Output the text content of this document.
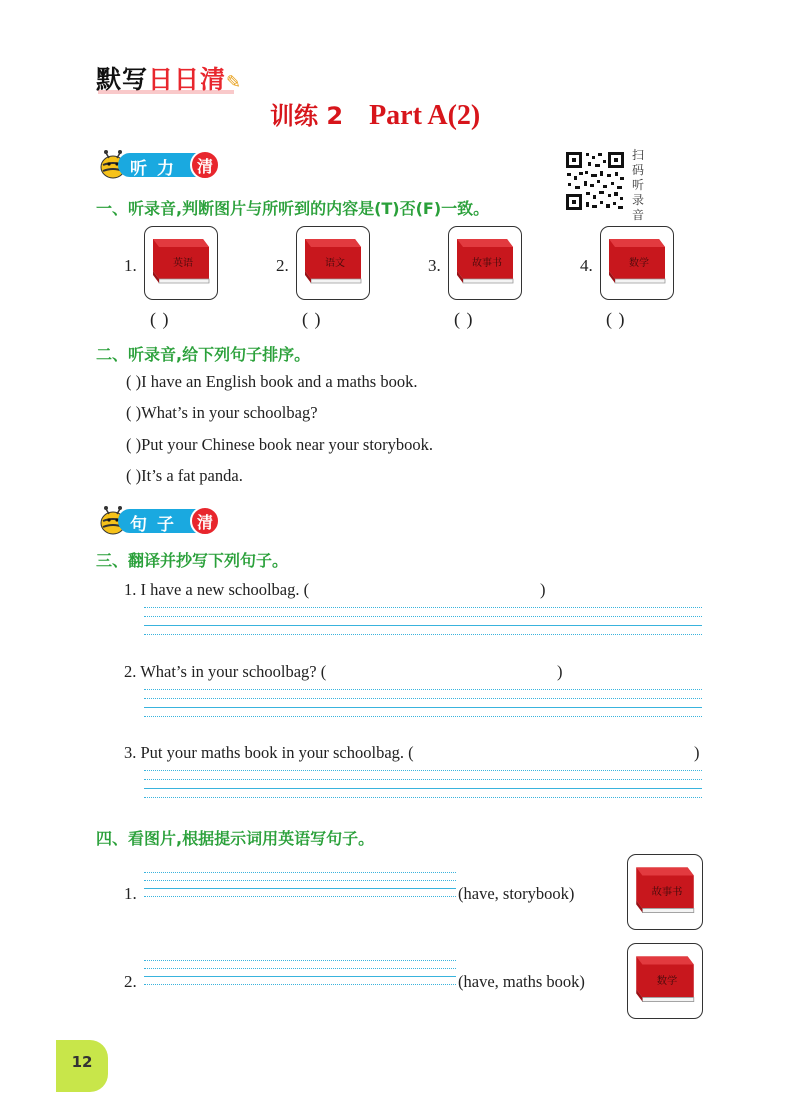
默写日日清✎
训练 2 Part A(2)
听力 清
扫码听录音
一、听录音,判断图片与所听到的内容是(T)否(F)一致。
1.	英语
( )
2.	语文
( )
3.	故事书
( )
4.	数学
( )
二、听录音,给下列句子排序。
( )I have an English book and a maths book.
( )What’s in your schoolbag?
( )Put your Chinese book near your storybook.
( )It’s a fat panda.
句子 清
三、翻译并抄写下列句子。
1. I have a new schoolbag. (	)
2. What’s in your schoolbag? (	)
3. Put your maths book in your schoolbag. (	)
四、看图片,根据提示词用英语写句子。
1.	(have, storybook)	故事书
2.	(have, maths book)	数学
12
